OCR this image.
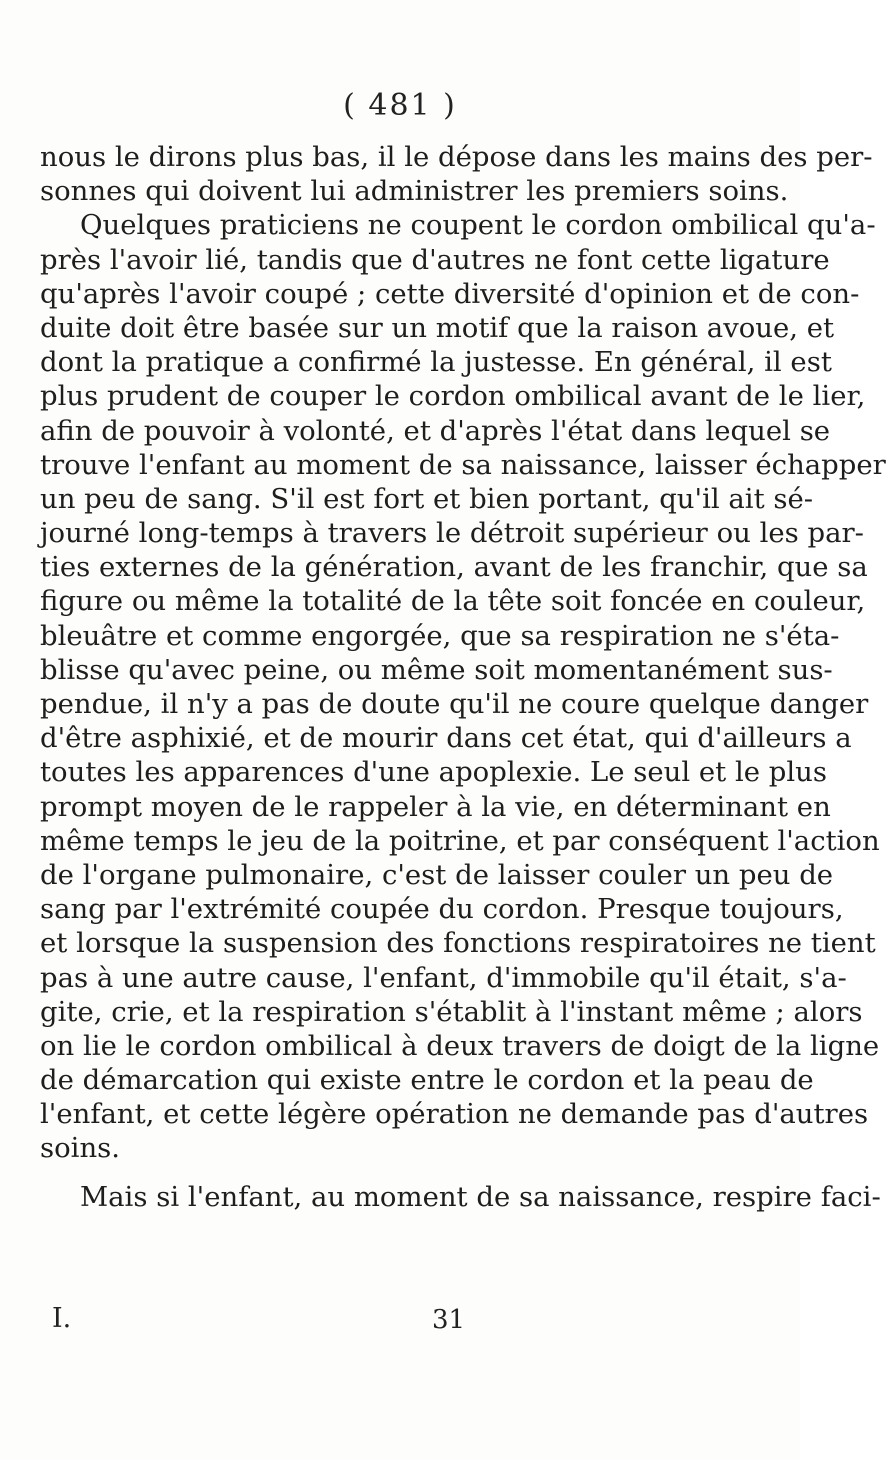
( 481 )
nous le dirons plus bas, il le dépose dans les mains des per-
sonnes qui doivent lui administrer les premiers soins.
Quelques praticiens ne coupent le cordon ombilical qu'a-
près l'avoir lié, tandis que d'autres ne font cette ligature
qu'après l'avoir coupé ; cette diversité d'opinion et de con-
duite doit être basée sur un motif que la raison avoue, et
dont la pratique a confirmé la justesse. En général, il est
plus prudent de couper le cordon ombilical avant de le lier,
afin de pouvoir à volonté, et d'après l'état dans lequel se
trouve l'enfant au moment de sa naissance, laisser échapper
un peu de sang. S'il est fort et bien portant, qu'il ait sé-
journé long-temps à travers le détroit supérieur ou les par-
ties externes de la génération, avant de les franchir, que sa
figure ou même la totalité de la tête soit foncée en couleur,
bleuâtre et comme engorgée, que sa respiration ne s'éta-
blisse qu'avec peine, ou même soit momentanément sus-
pendue, il n'y a pas de doute qu'il ne coure quelque danger
d'être asphixié, et de mourir dans cet état, qui d'ailleurs a
toutes les apparences d'une apoplexie. Le seul et le plus
prompt moyen de le rappeler à la vie, en déterminant en
même temps le jeu de la poitrine, et par conséquent l'action
de l'organe pulmonaire, c'est de laisser couler un peu de
sang par l'extrémité coupée du cordon. Presque toujours,
et lorsque la suspension des fonctions respiratoires ne tient
pas à une autre cause, l'enfant, d'immobile qu'il était, s'a-
gite, crie, et la respiration s'établit à l'instant même ; alors
on lie le cordon ombilical à deux travers de doigt de la ligne
de démarcation qui existe entre le cordon et la peau de
l'enfant, et cette légère opération ne demande pas d'autres
soins.
Mais si l'enfant, au moment de sa naissance, respire faci-
I.	31
